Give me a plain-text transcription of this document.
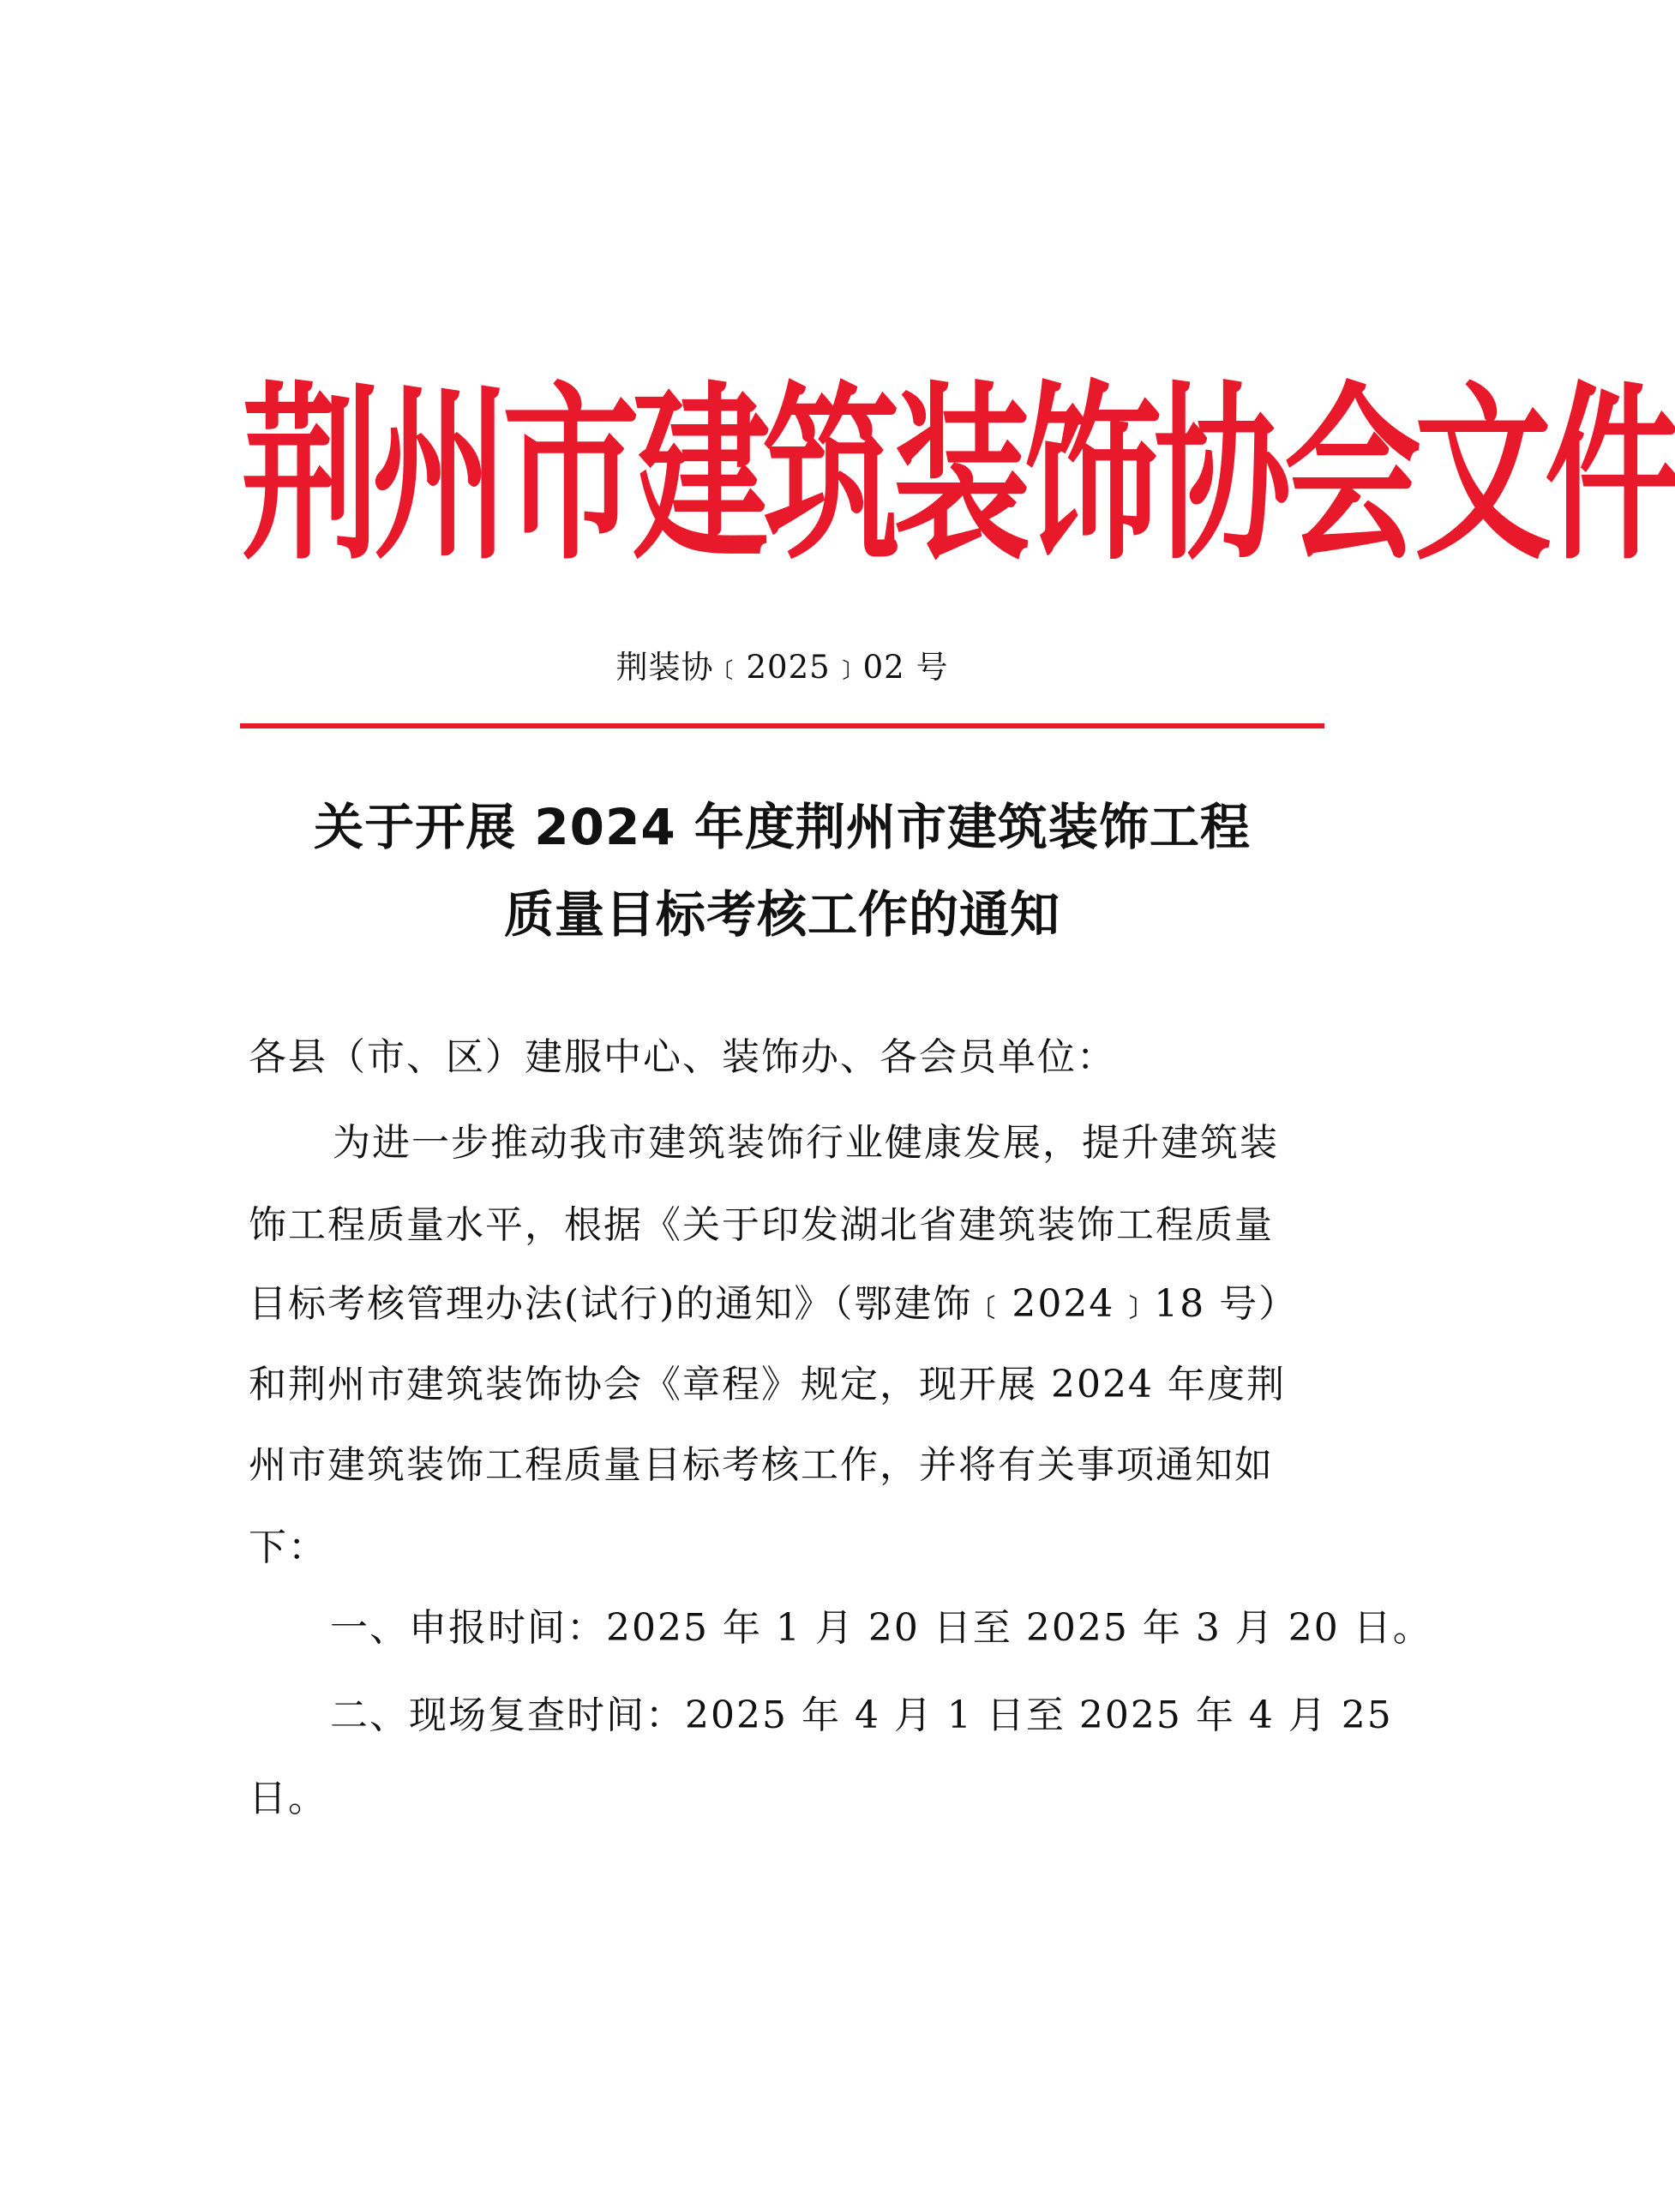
荆州市建筑装饰协会文件
荆装协﹝2025﹞02 号
关于开展 2024 年度荆州市建筑装饰工程
质量目标考核工作的通知
各县（市、区）建服中心、装饰办、各会员单位：
为进一步推动我市建筑装饰行业健康发展，提升建筑装
饰工程质量水平，根据《关于印发湖北省建筑装饰工程质量
目标考核管理办法(试行)的通知》（鄂建饰﹝2024﹞18 号）
和荆州市建筑装饰协会《章程》规定，现开展 2024 年度荆
州市建筑装饰工程质量目标考核工作，并将有关事项通知如
下：
一、申报时间：2025 年 1 月 20 日至 2025 年 3 月 20 日。
二、现场复查时间：2025 年 4 月 1 日至 2025 年 4 月 25
日。
